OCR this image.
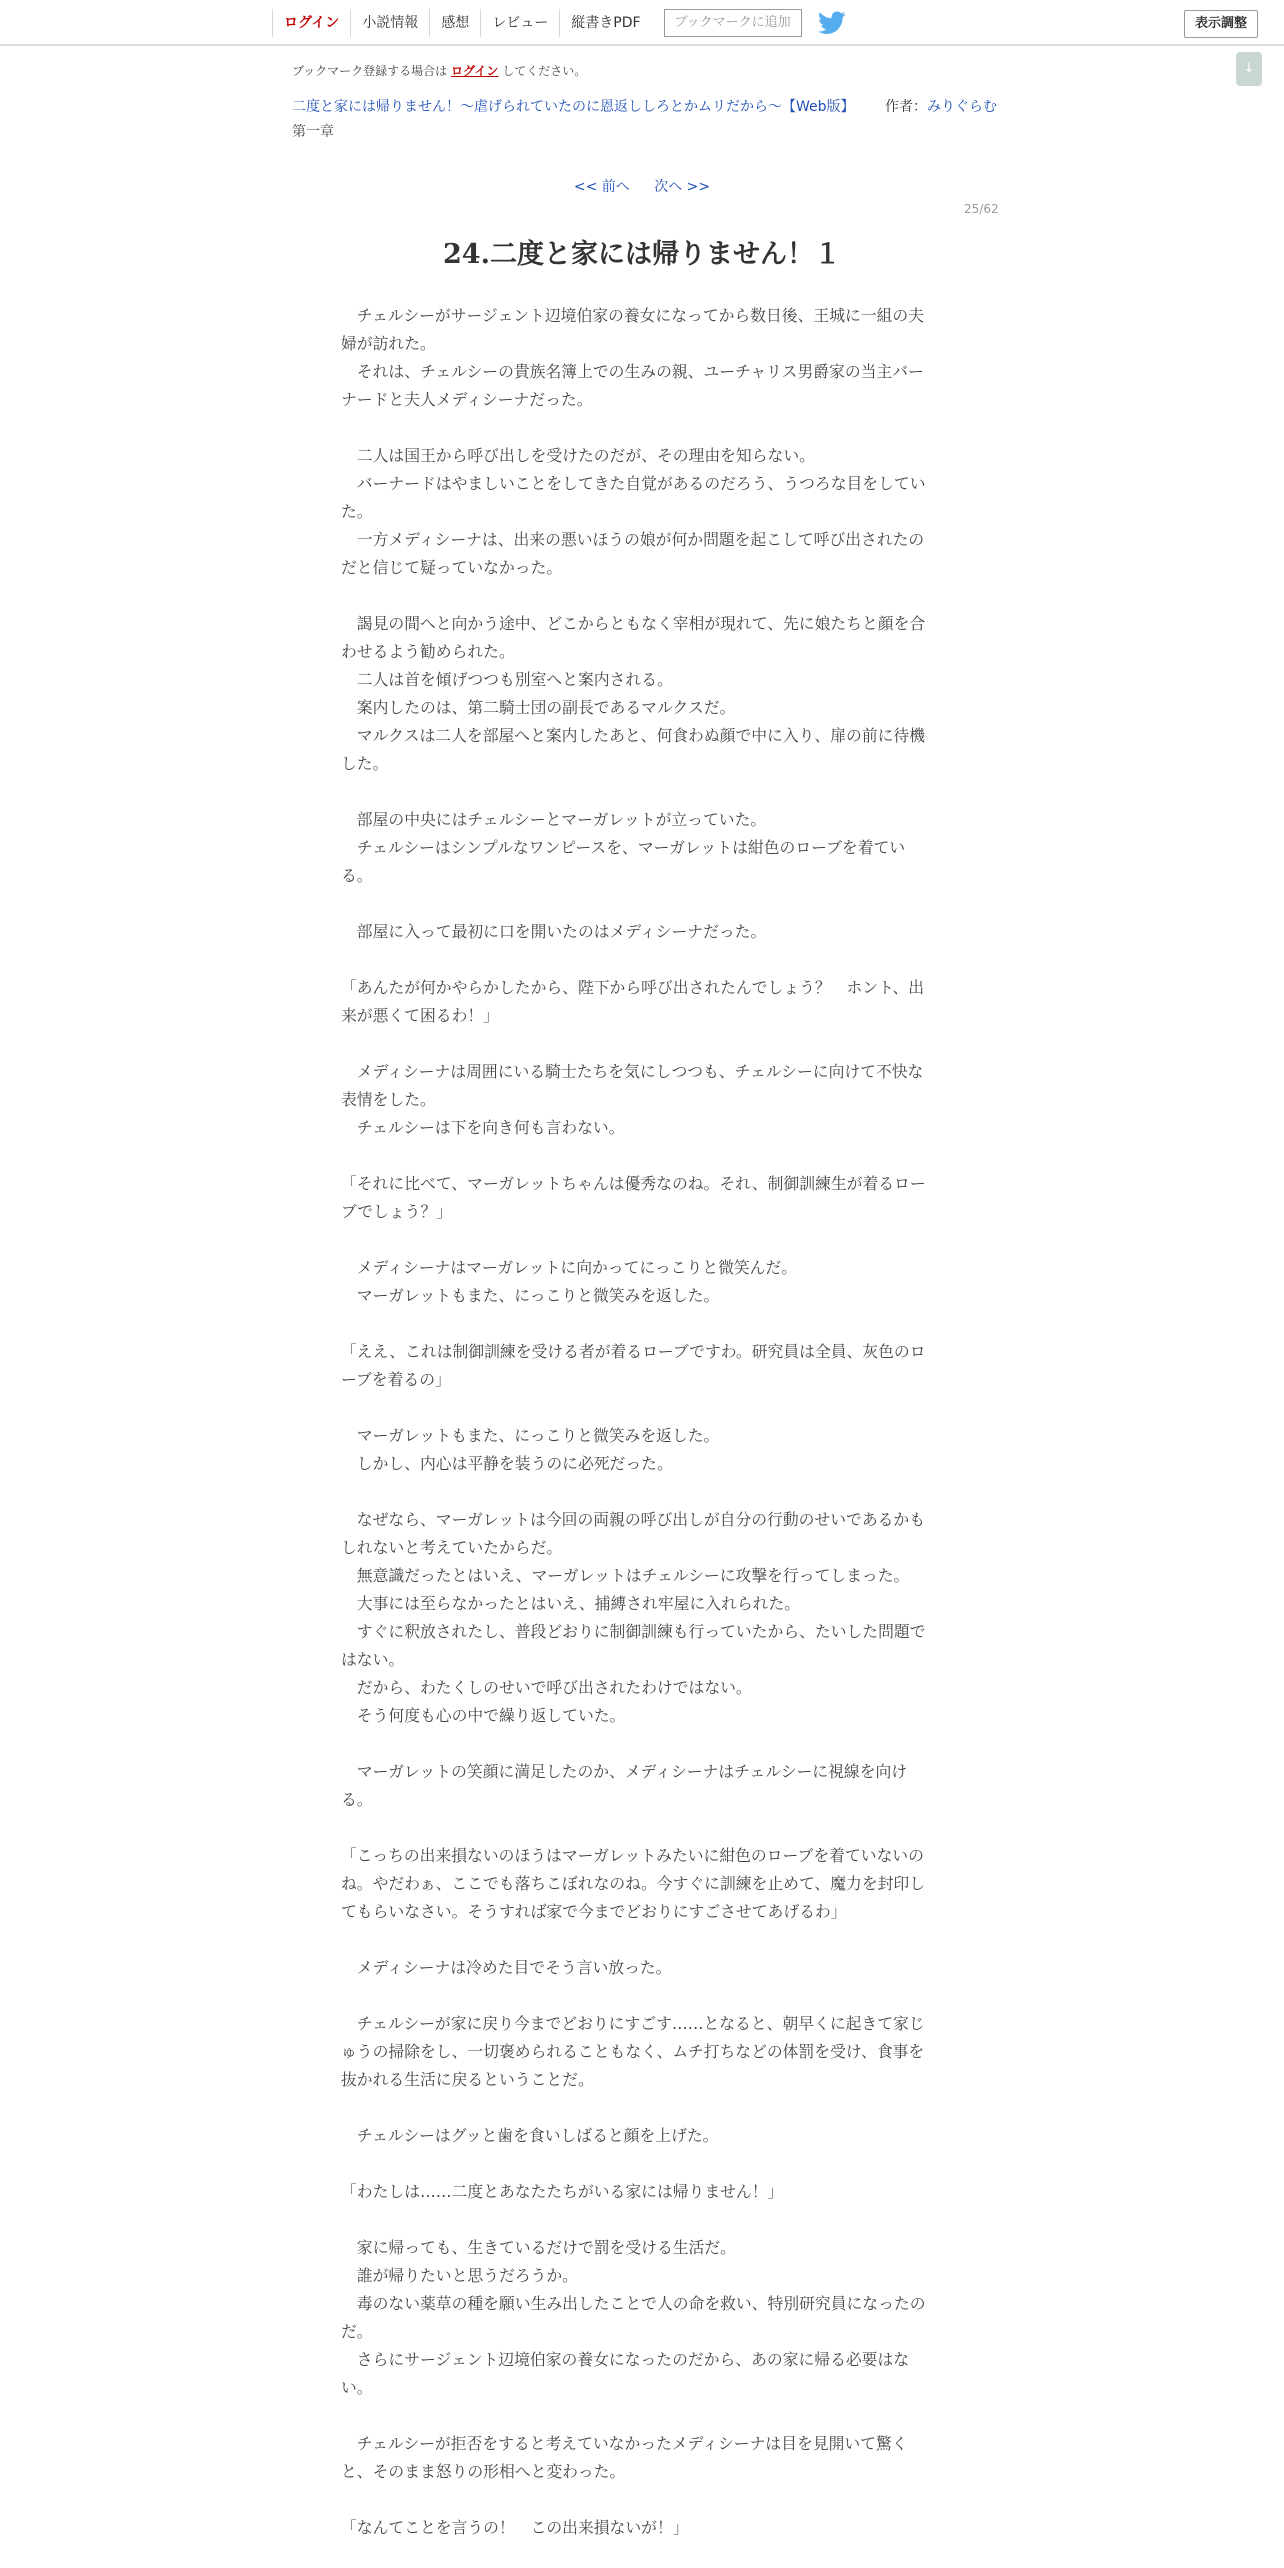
ログイン	小説情報	感想	レビュー	縦書きPDF	ブックマークに追加	表示調整
↓
ブックマーク登録する場合は ログイン してください。
二度と家には帰りません！～虐げられていたのに恩返ししろとかムリだから～【Web版】 作者：みりぐらむ
第一章
<< 前へ 次へ >>
25/62
24.二度と家には帰りません！１

　チェルシーがサージェント辺境伯家の養女になってから数日後、王城に一組の夫

婦が訪れた。

　それは、チェルシーの貴族名簿上での生みの親、ユーチャリス男爵家の当主バー

ナードと夫人メディシーナだった。

　二人は国王から呼び出しを受けたのだが、その理由を知らない。

　バーナードはやましいことをしてきた自覚があるのだろう、うつろな目をしてい

た。

　一方メディシーナは、出来の悪いほうの娘が何か問題を起こして呼び出されたの

だと信じて疑っていなかった。

　謁見の間へと向かう途中、どこからともなく宰相が現れて、先に娘たちと顔を合

わせるよう勧められた。

　二人は首を傾げつつも別室へと案内される。

　案内したのは、第二騎士団の副長であるマルクスだ。

　マルクスは二人を部屋へと案内したあと、何食わぬ顔で中に入り、扉の前に待機

した。

　部屋の中央にはチェルシーとマーガレットが立っていた。

　チェルシーはシンプルなワンピースを、マーガレットは紺色のローブを着てい

る。

　部屋に入って最初に口を開いたのはメディシーナだった。

「あんたが何かやらかしたから、陛下から呼び出されたんでしょう？　ホント、出

来が悪くて困るわ！」

　メディシーナは周囲にいる騎士たちを気にしつつも、チェルシーに向けて不快な

表情をした。

　チェルシーは下を向き何も言わない。

「それに比べて、マーガレットちゃんは優秀なのね。それ、制御訓練生が着るロー

ブでしょう？」

　メディシーナはマーガレットに向かってにっこりと微笑んだ。

　マーガレットもまた、にっこりと微笑みを返した。

「ええ、これは制御訓練を受ける者が着るローブですわ。研究員は全員、灰色のロ

ーブを着るの」

　マーガレットもまた、にっこりと微笑みを返した。

　しかし、内心は平静を装うのに必死だった。

　なぜなら、マーガレットは今回の両親の呼び出しが自分の行動のせいであるかも

しれないと考えていたからだ。

　無意識だったとはいえ、マーガレットはチェルシーに攻撃を行ってしまった。

　大事には至らなかったとはいえ、捕縛され牢屋に入れられた。

　すぐに釈放されたし、普段どおりに制御訓練も行っていたから、たいした問題で

はない。

　だから、わたくしのせいで呼び出されたわけではない。

　そう何度も心の中で繰り返していた。

　マーガレットの笑顔に満足したのか、メディシーナはチェルシーに視線を向け

る。

「こっちの出来損ないのほうはマーガレットみたいに紺色のローブを着ていないの

ね。やだわぁ、ここでも落ちこぼれなのね。今すぐに訓練を止めて、魔力を封印し

てもらいなさい。そうすれば家で今までどおりにすごさせてあげるわ」

　メディシーナは冷めた目でそう言い放った。

　チェルシーが家に戻り今までどおりにすごす……となると、朝早くに起きて家じ

ゅうの掃除をし、一切褒められることもなく、ムチ打ちなどの体罰を受け、食事を

抜かれる生活に戻るということだ。

　チェルシーはグッと歯を食いしばると顔を上げた。

「わたしは……二度とあなたたちがいる家には帰りません！」

　家に帰っても、生きているだけで罰を受ける生活だ。

　誰が帰りたいと思うだろうか。

　毒のない薬草の種を願い生み出したことで人の命を救い、特別研究員になったの

だ。

　さらにサージェント辺境伯家の養女になったのだから、あの家に帰る必要はな

い。

　チェルシーが拒否をすると考えていなかったメディシーナは目を見開いて驚く

と、そのまま怒りの形相へと変わった。

「なんてことを言うの！　この出来損ないが！」
